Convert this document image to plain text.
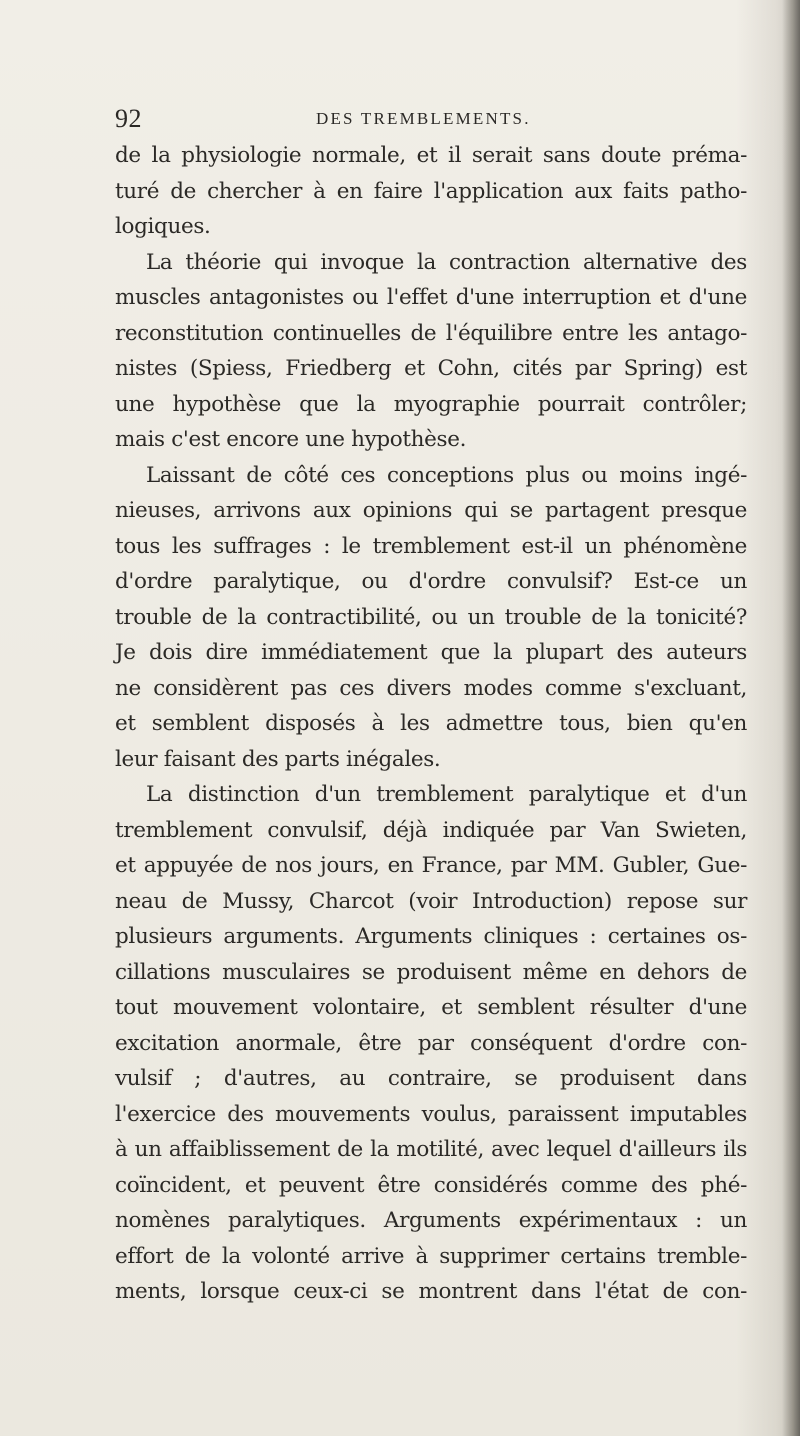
92	DES TREMBLEMENTS.
de la physiologie normale, et il serait sans doute préma-
turé de chercher à en faire l'application aux faits patho-
logiques.
La théorie qui invoque la contraction alternative des
muscles antagonistes ou l'effet d'une interruption et d'une
reconstitution continuelles de l'équilibre entre les antago-
nistes (Spiess, Friedberg et Cohn, cités par Spring) est
une hypothèse que la myographie pourrait contrôler;
mais c'est encore une hypothèse.
Laissant de côté ces conceptions plus ou moins ingé-
nieuses, arrivons aux opinions qui se partagent presque
tous les suffrages : le tremblement est-il un phénomène
d'ordre paralytique, ou d'ordre convulsif? Est-ce un
trouble de la contractibilité, ou un trouble de la tonicité?
Je dois dire immédiatement que la plupart des auteurs
ne considèrent pas ces divers modes comme s'excluant,
et semblent disposés à les admettre tous, bien qu'en
leur faisant des parts inégales.
La distinction d'un tremblement paralytique et d'un
tremblement convulsif, déjà indiquée par Van Swieten,
et appuyée de nos jours, en France, par MM. Gubler, Gue-
neau de Mussy, Charcot (voir Introduction) repose sur
plusieurs arguments. Arguments cliniques : certaines os-
cillations musculaires se produisent même en dehors de
tout mouvement volontaire, et semblent résulter d'une
excitation anormale, être par conséquent d'ordre con-
vulsif ; d'autres, au contraire, se produisent dans
l'exercice des mouvements voulus, paraissent imputables
à un affaiblissement de la motilité, avec lequel d'ailleurs ils
coïncident, et peuvent être considérés comme des phé-
nomènes paralytiques. Arguments expérimentaux : un
effort de la volonté arrive à supprimer certains tremble-
ments, lorsque ceux-ci se montrent dans l'état de con-
